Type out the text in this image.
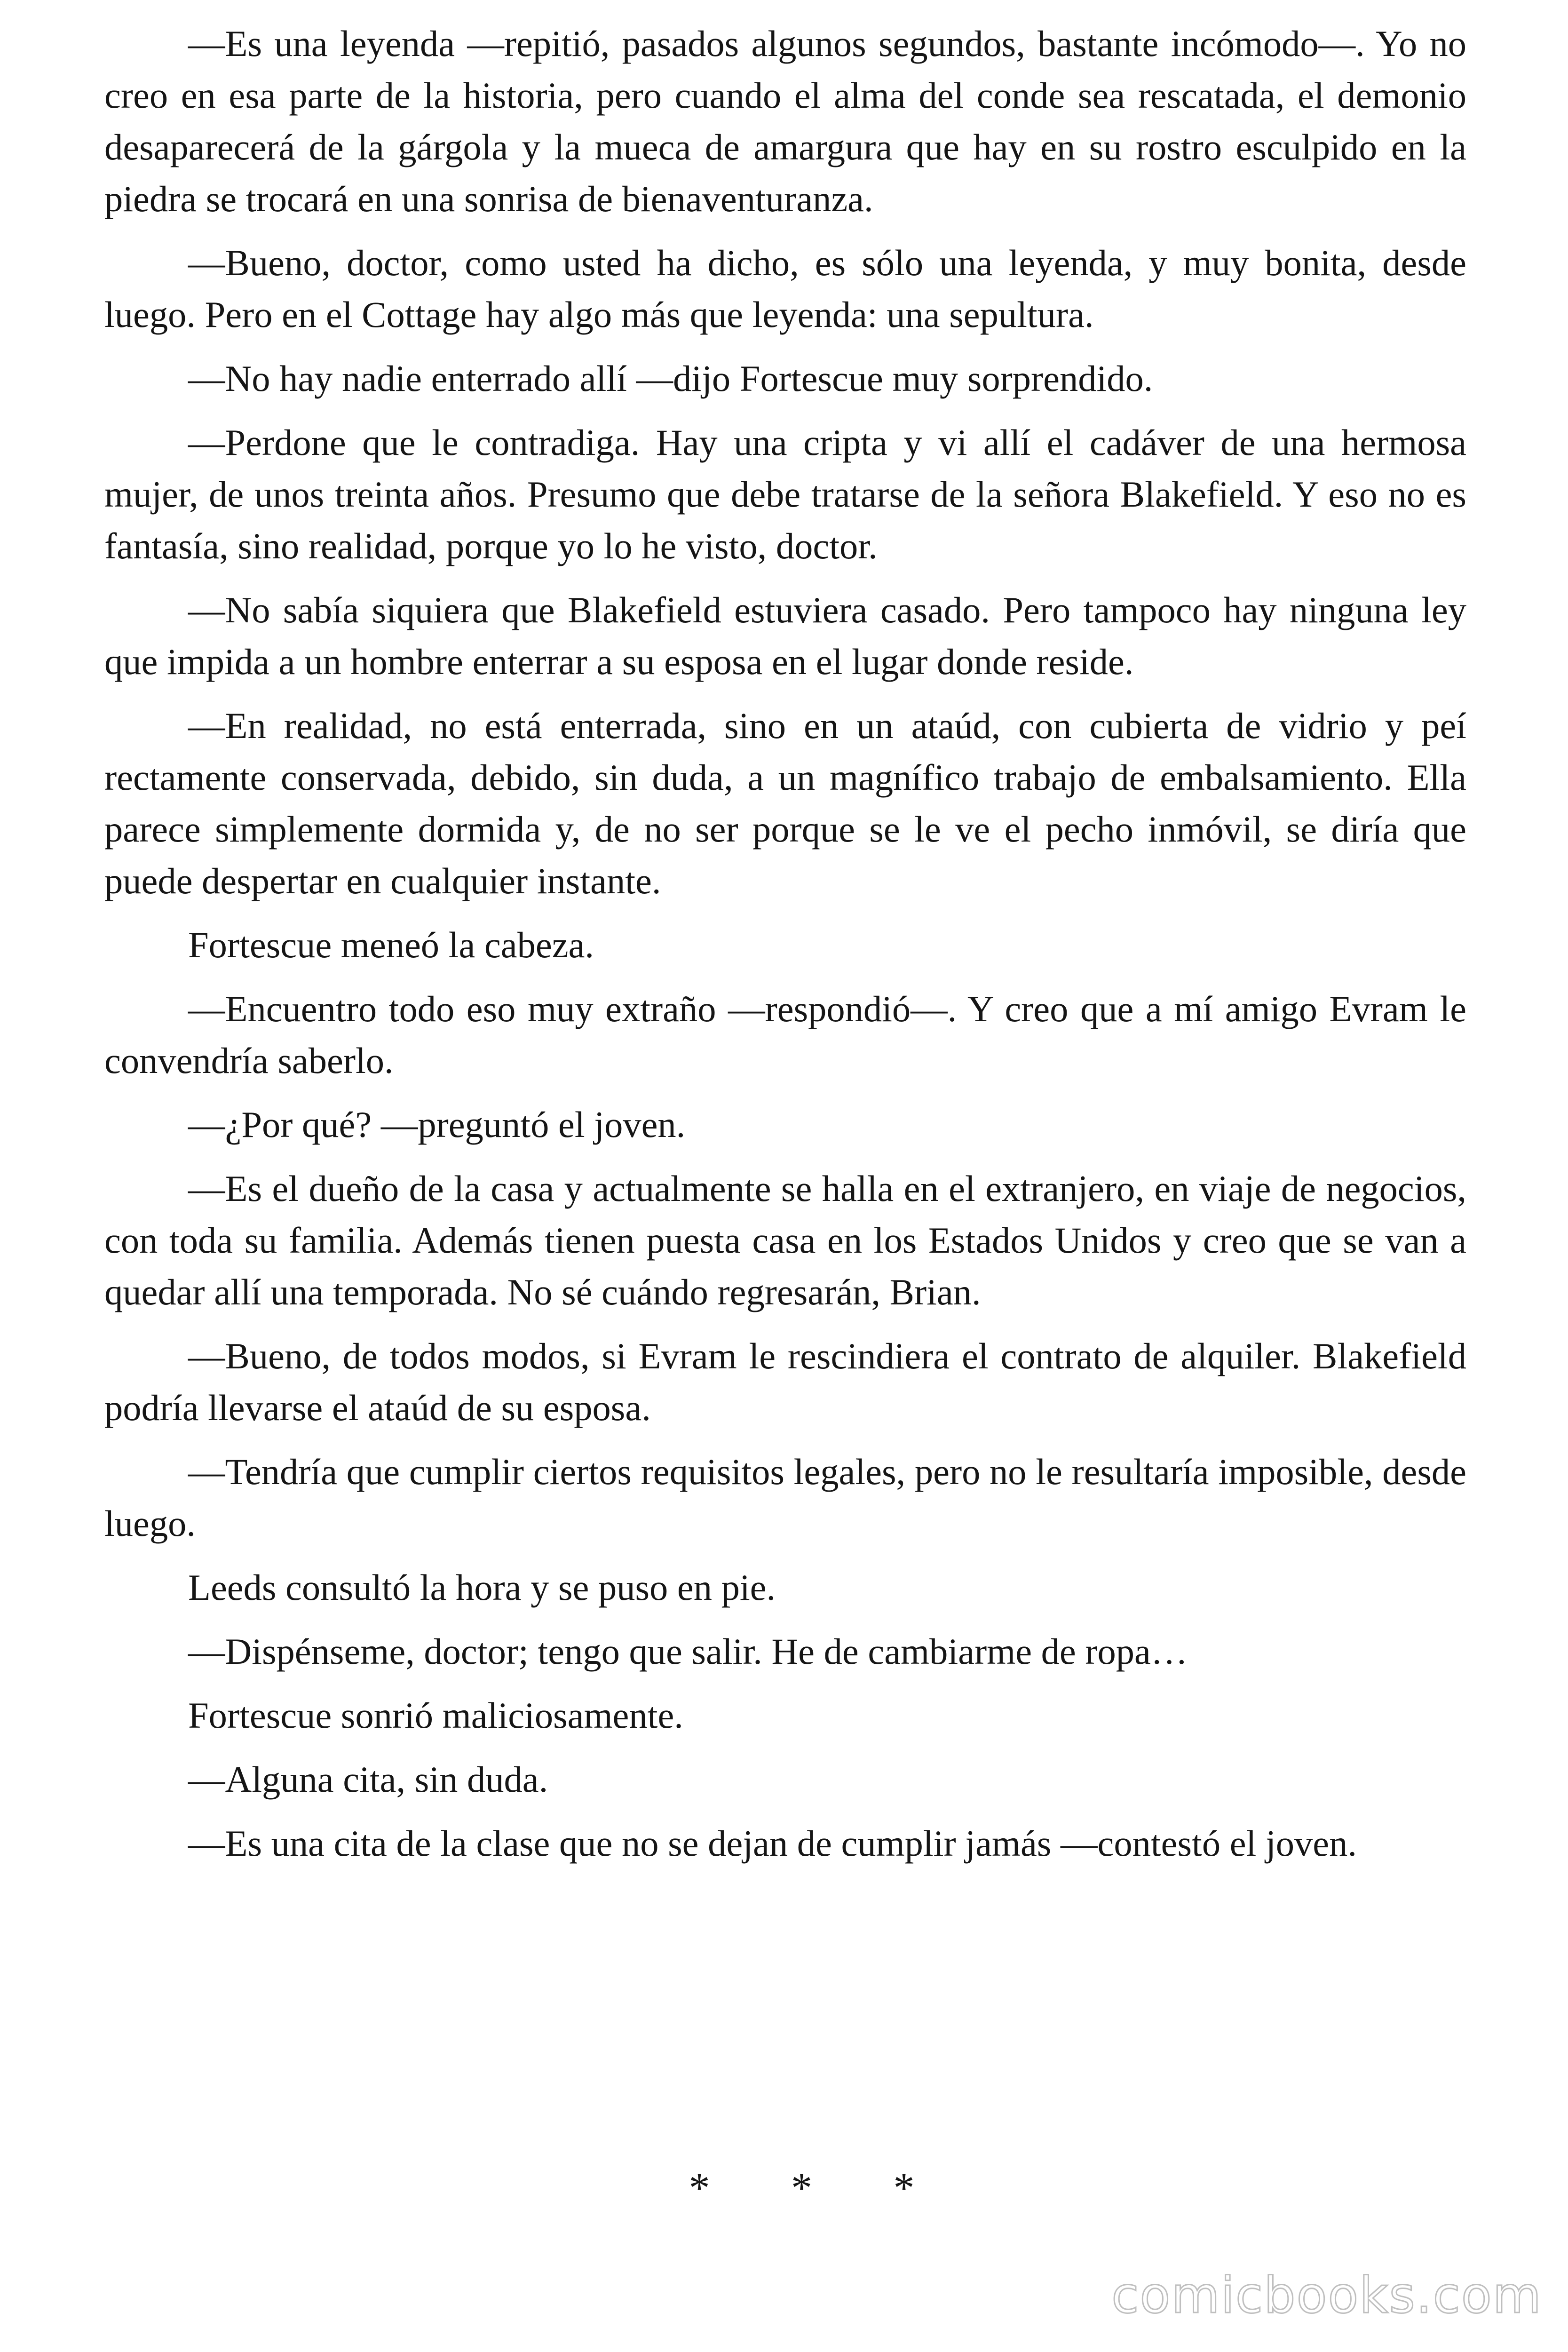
—Es una leyenda —repitió, pasados algunos segundos, bastante incómodo—. Yo no creo en esa parte de la historia, pero cuando el alma del conde sea rescatada, el demonio desaparecerá de la gárgola y la mueca de amargura que hay en su rostro esculpido en la piedra se trocará en una sonrisa de bienaventuranza.

—Bueno, doctor, como usted ha dicho, es sólo una leyenda, y muy bonita, desde luego. Pero en el Cottage hay algo más que leyenda: una sepultura.

—No hay nadie enterrado allí —dijo Fortescue muy sorprendido.

—Perdone que le contradiga. Hay una cripta y vi allí el cadáver de una hermosa mujer, de unos treinta años. Presumo que debe tratarse de la señora Blakefield. Y eso no es fantasía, sino realidad, porque yo lo he visto, doctor.

—No sabía siquiera que Blakefield estuviera casado. Pero tampoco hay ninguna ley que impida a un hombre enterrar a su esposa en el lugar donde reside.

—En realidad, no está enterrada, sino en un ataúd, con cubierta de vidrio y peí rectamente conservada, debido, sin duda, a un magnífico trabajo de embalsamiento. Ella parece simplemente dormida y, de no ser porque se le ve el pecho inmóvil, se diría que puede despertar en cualquier instante.

Fortescue meneó la cabeza.

—Encuentro todo eso muy extraño —respondió—. Y creo que a mí amigo Evram le convendría saberlo.

—¿Por qué? —preguntó el joven.

—Es el dueño de la casa y actualmente se halla en el extranjero, en viaje de negocios, con toda su familia. Además tienen puesta casa en los Estados Unidos y creo que se van a quedar allí una temporada. No sé cuándo regresarán, Brian.

—Bueno, de todos modos, si Evram le rescindiera el contrato de alquiler. Blakefield podría llevarse el ataúd de su esposa.

—Tendría que cumplir ciertos requisitos legales, pero no le resultaría imposible, desde luego.

Leeds consultó la hora y se puso en pie.

—Dispénseme, doctor; tengo que salir. He de cambiarme de ropa…

Fortescue sonrió maliciosamente.

—Alguna cita, sin duda.

—Es una cita de la clase que no se dejan de cumplir jamás —contestó el joven.

* * *
comicbooks.com
